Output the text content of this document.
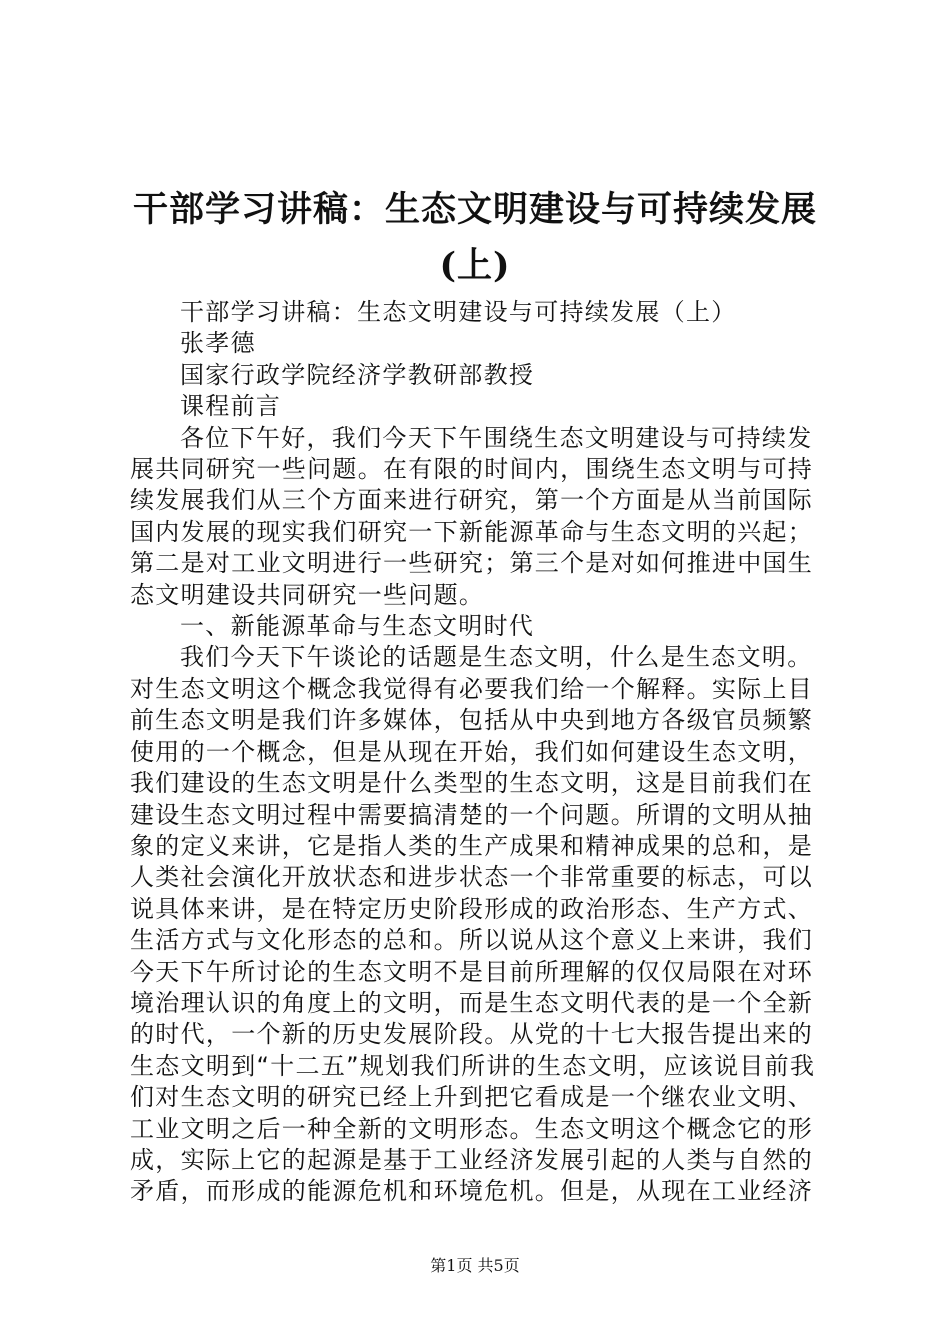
干部学习讲稿：生态文明建设与可持续发展
(上)

干部学习讲稿：生态文明建设与可持续发展（上）

张孝德

国家行政学院经济学教研部教授

课程前言

各位下午好，我们今天下午围绕生态文明建设与可持续发展共同研究一些问题。在有限的时间内，围绕生态文明与可持续发展我们从三个方面来进行研究，第一个方面是从当前国际国内发展的现实我们研究一下新能源革命与生态文明的兴起；第二是对工业文明进行一些研究；第三个是对如何推进中国生态文明建设共同研究一些问题。

一、新能源革命与生态文明时代

我们今天下午谈论的话题是生态文明，什么是生态文明。对生态文明这个概念我觉得有必要我们给一个解释。实际上目前生态文明是我们许多媒体，包括从中央到地方各级官员频繁使用的一个概念，但是从现在开始，我们如何建设生态文明，我们建设的生态文明是什么类型的生态文明，这是目前我们在建设生态文明过程中需要搞清楚的一个问题。所谓的文明从抽象的定义来讲，它是指人类的生产成果和精神成果的总和，是人类社会演化开放状态和进步状态一个非常重要的标志，可以说具体来讲，是在特定历史阶段形成的政治形态、生产方式、生活方式与文化形态的总和。所以说从这个意义上来讲，我们今天下午所讨论的生态文明不是目前所理解的仅仅局限在对环境治理认识的角度上的文明，而是生态文明代表的是一个全新的时代，一个新的历史发展阶段。从党的十七大报告提出来的生态文明到“十二五”规划我们所讲的生态文明，应该说目前我们对生态文明的研究已经上升到把它看成是一个继农业文明、工业文明之后一种全新的文明形态。生态文明这个概念它的形成，实际上它的起源是基于工业经济发展引起的人类与自然的矛盾，而形成的能源危机和环境危机。但是，从现在工业经济

第1页 共5页
